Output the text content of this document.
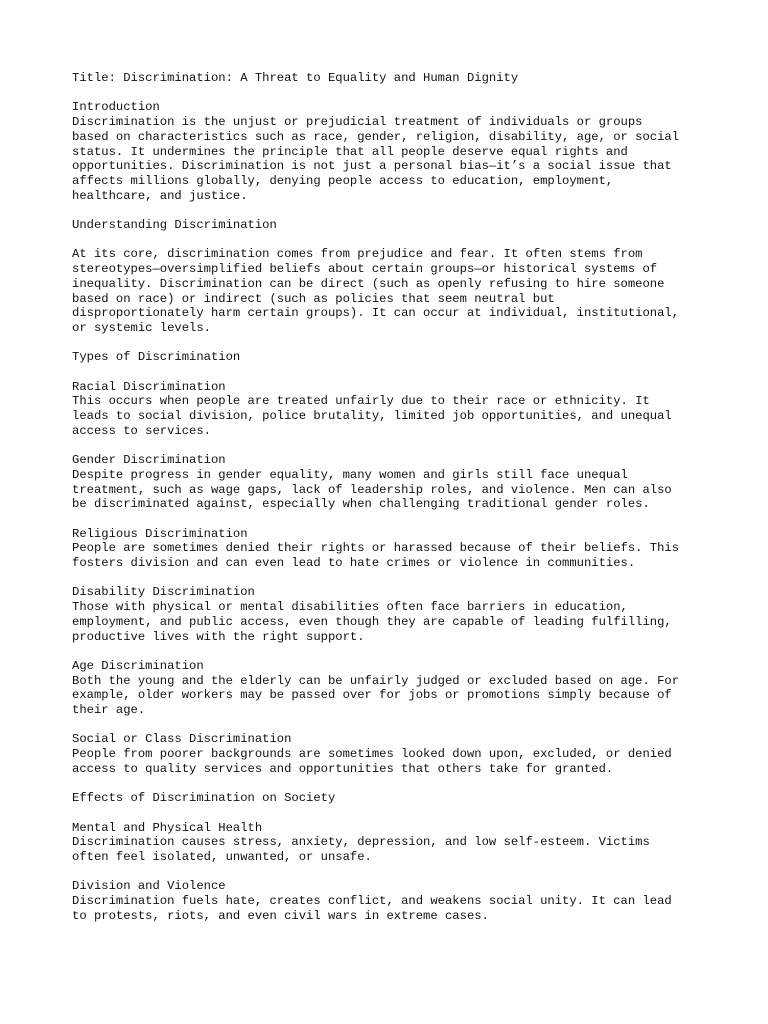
Title: Discrimination: A Threat to Equality and Human Dignity
Introduction
Discrimination is the unjust or prejudicial treatment of individuals or groups
based on characteristics such as race, gender, religion, disability, age, or social
status. It undermines the principle that all people deserve equal rights and
opportunities. Discrimination is not just a personal bias—it’s a social issue that
affects millions globally, denying people access to education, employment,
healthcare, and justice.
Understanding Discrimination
At its core, discrimination comes from prejudice and fear. It often stems from
stereotypes—oversimplified beliefs about certain groups—or historical systems of
inequality. Discrimination can be direct (such as openly refusing to hire someone
based on race) or indirect (such as policies that seem neutral but
disproportionately harm certain groups). It can occur at individual, institutional,
or systemic levels.
Types of Discrimination
Racial Discrimination
This occurs when people are treated unfairly due to their race or ethnicity. It
leads to social division, police brutality, limited job opportunities, and unequal
access to services.
Gender Discrimination
Despite progress in gender equality, many women and girls still face unequal
treatment, such as wage gaps, lack of leadership roles, and violence. Men can also
be discriminated against, especially when challenging traditional gender roles.
Religious Discrimination
People are sometimes denied their rights or harassed because of their beliefs. This
fosters division and can even lead to hate crimes or violence in communities.
Disability Discrimination
Those with physical or mental disabilities often face barriers in education,
employment, and public access, even though they are capable of leading fulfilling,
productive lives with the right support.
Age Discrimination
Both the young and the elderly can be unfairly judged or excluded based on age. For
example, older workers may be passed over for jobs or promotions simply because of
their age.
Social or Class Discrimination
People from poorer backgrounds are sometimes looked down upon, excluded, or denied
access to quality services and opportunities that others take for granted.
Effects of Discrimination on Society
Mental and Physical Health
Discrimination causes stress, anxiety, depression, and low self-esteem. Victims
often feel isolated, unwanted, or unsafe.
Division and Violence
Discrimination fuels hate, creates conflict, and weakens social unity. It can lead
to protests, riots, and even civil wars in extreme cases.
